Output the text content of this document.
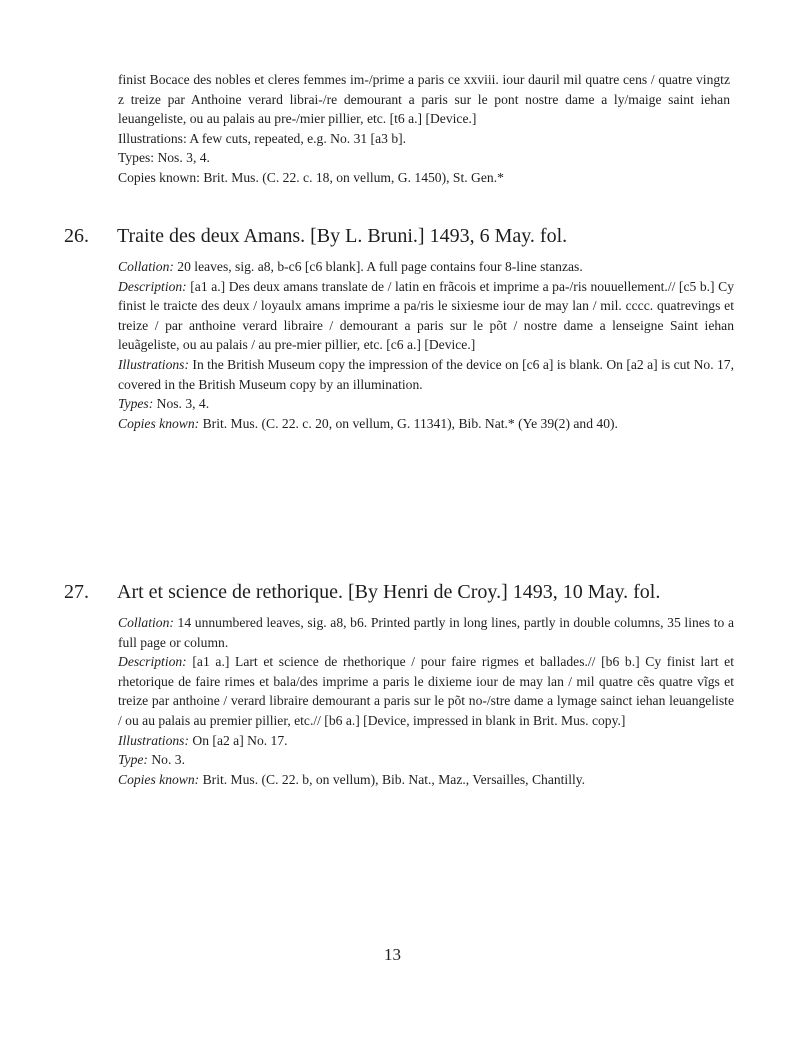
finist Bocace des nobles et cleres femmes im-/prime a paris ce xxviii. iour dauril mil quatre cens / quatre vingtz z treize par Anthoine verard librai-/re demourant a paris sur le pont nostre dame a ly/maige saint iehan leuangeliste, ou au palais au pre-/mier pillier, etc. [t6 a.] [Device.]

Illustrations: A few cuts, repeated, e.g. No. 31 [a3 b].

Types: Nos. 3, 4.

Copies known: Brit. Mus. (C. 22. c. 18, on vellum, G. 1450), St. Gen.*

26.	Traite des deux Amans. [By L. Bruni.] 1493, 6 May. fol.

Collation: 20 leaves, sig. a8, b-c6 [c6 blank]. A full page contains four 8-line stanzas.

Description: [a1 a.] Des deux amans translate de / latin en frãcois et imprime a pa-/ris nouuellement.// [c5 b.] Cy finist le traicte des deux / loyaulx amans imprime a pa/ris le sixiesme iour de may lan / mil. cccc. quatrevings et treize / par anthoine verard libraire / demourant a paris sur le põt / nostre dame a lenseigne Saint iehan leuãgeliste, ou au palais / au pre-mier pillier, etc. [c6 a.] [Device.]

Illustrations: In the British Museum copy the impression of the device on [c6 a] is blank. On [a2 a] is cut No. 17, covered in the British Museum copy by an illumination.

Types: Nos. 3, 4.

Copies known: Brit. Mus. (C. 22. c. 20, on vellum, G. 11341), Bib. Nat.* (Ye 39(2) and 40).

27.	Art et science de rethorique. [By Henri de Croy.] 1493, 10 May. fol.

Collation: 14 unnumbered leaves, sig. a8, b6. Printed partly in long lines, partly in double columns, 35 lines to a full page or column.

Description: [a1 a.] Lart et science de rhethorique / pour faire rigmes et ballades.// [b6 b.] Cy finist lart et rhetorique de faire rimes et bala/des imprime a paris le dixieme iour de may lan / mil quatre cẽs quatre vĩgs et treize par anthoine / verard libraire demourant a paris sur le põt no-/stre dame a lymage sainct iehan leuangeliste / ou au palais au premier pillier, etc.// [b6 a.] [Device, impressed in blank in Brit. Mus. copy.]

Illustrations: On [a2 a] No. 17.

Type: No. 3.

Copies known: Brit. Mus. (C. 22. b, on vellum), Bib. Nat., Maz., Versailles, Chantilly.

13
